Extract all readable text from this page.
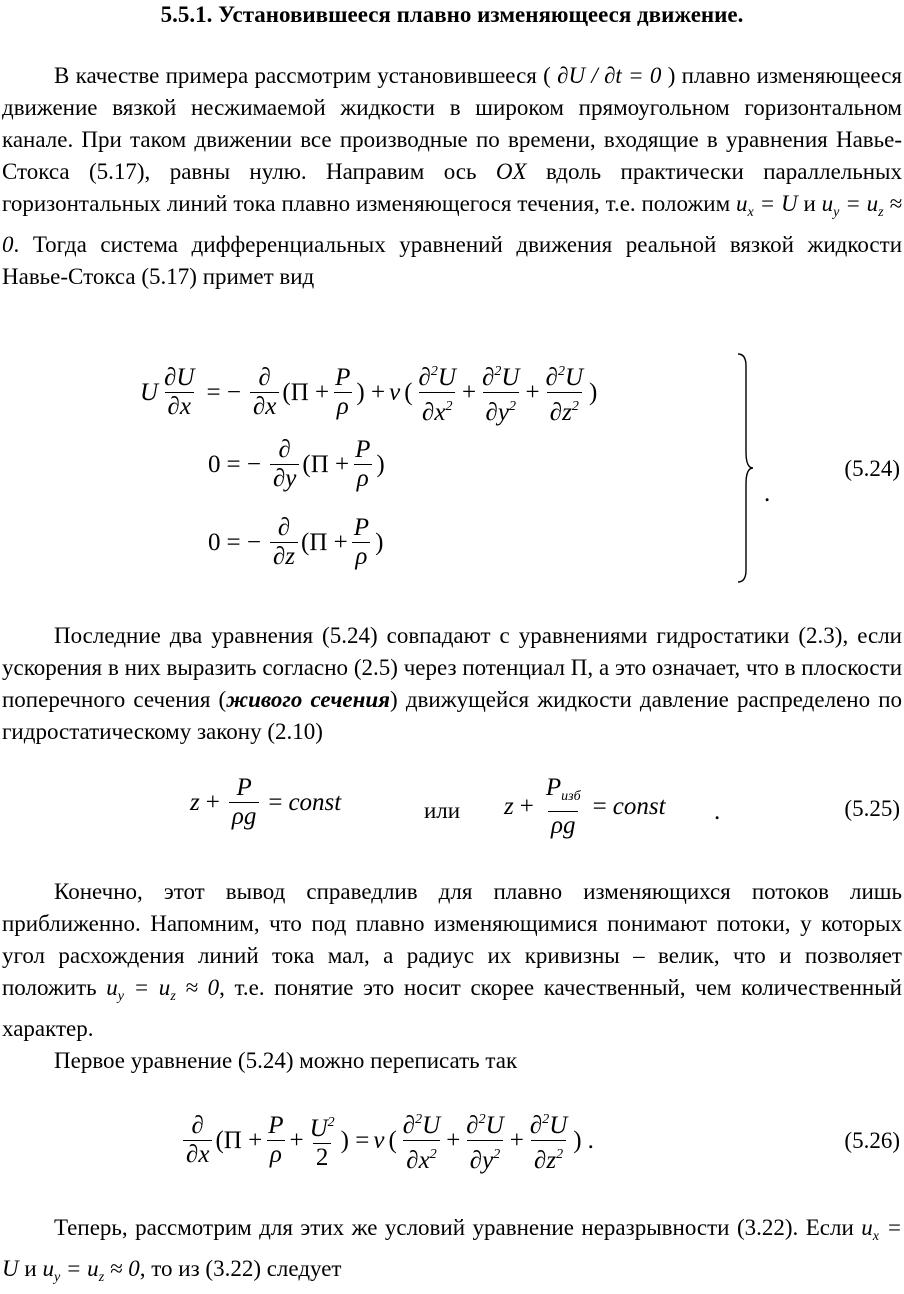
5.5.1. Установившееся плавно изменяющееся движение.

В качестве примера рассмотрим установившееся ( ∂U / ∂t = 0 ) плавно изменяющееся движение вязкой несжимаемой жидкости в широком прямоугольном горизонтальном канале. При таком движении все производные по времени, входящие в уравнения Навье-Стокса (5.17), равны нулю. Направим ось OX вдоль практически параллельных горизонтальных линий тока плавно изменяющегося течения, т.е. положим $u_x = U$ и $u_y = u_z \approx 0$. Тогда система дифференциальных уравнений движения реальной вязкой жидкости Навье-Стокса (5.17) примет вид

U $\frac{\partial U}{\partial x}$ = − $\frac{\partial}{\partial x} (\Pi + \frac{P}{\rho}$ ) + ν ( $\frac{\partial^2U}{\partial x^2} + \frac{\partial^2U}{\partial y^2} + \frac{\partial^2U}{\partial z^2}$ )
0 = − $\frac{\partial}{\partial y} (\Pi + \frac{P}{\rho}$ )
0 = − $\frac{\partial}{\partial z} (\Pi + \frac{P}{\rho}$ )
.
(5.24)

Последние два уравнения (5.24) совпадают с уравнениями гидростатики (2.3), если ускорения в них выразить согласно (2.5) через потенциал П, а это означает, что в плоскости поперечного сечения (живого сечения) движущейся жидкости давление распределено по гидростатическому закону (2.10)

$z + \frac{P}{\rho g}$ = const	или $z + \frac{P_{изб}}{\rho g}$ = const .	(5.25)

Конечно, этот вывод справедлив для плавно изменяющихся потоков лишь приближенно. Напомним, что под плавно изменяющимися понимают потоки, у которых угол расхождения линий тока мал, а радиус их кривизны – велик, что и позволяет положить $u_y = u_z \approx 0$, т.е. понятие это носит скорее качественный, чем количественный характер.

Первое уравнение (5.24) можно переписать так

$\frac{\partial}{\partial x} (\Pi + \frac{P}{\rho} + \frac{U^2}{2}$ ) = ν ( $\frac{\partial^2U}{\partial x^2} + \frac{\partial^2U}{\partial y^2} + \frac{\partial^2U}{\partial z^2}$ ) .	(5.26)

Теперь, рассмотрим для этих же условий уравнение неразрывности (3.22). Если $u_x = U$ и $u_y = u_z \approx 0$, то из (3.22) следует
